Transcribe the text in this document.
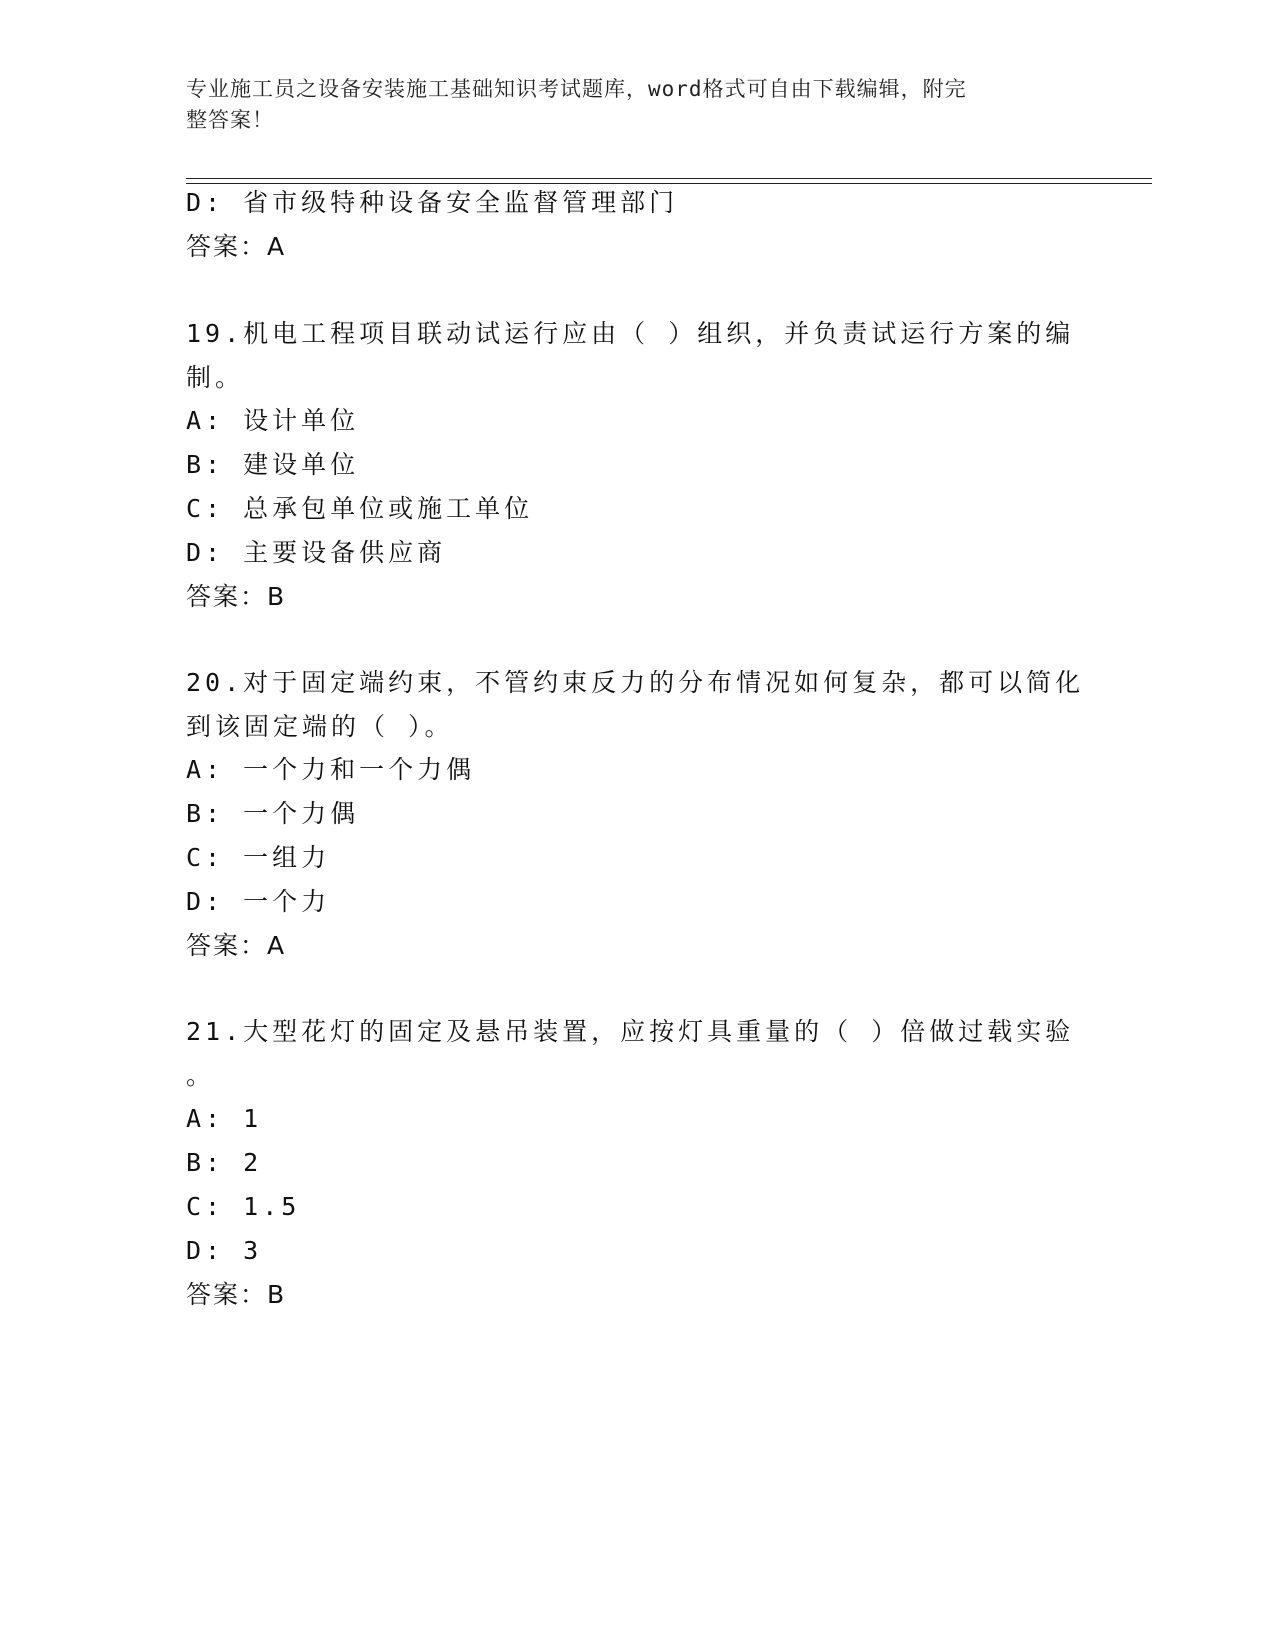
专业施工员之设备安装施工基础知识考试题库，word格式可自由下载编辑，附完
整答案！
D: 省市级特种设备安全监督管理部门
答案：A
19.机电工程项目联动试运行应由（ ）组织，并负责试运行方案的编
制。
A: 设计单位
B: 建设单位
C: 总承包单位或施工单位
D: 主要设备供应商
答案：B
20.对于固定端约束，不管约束反力的分布情况如何复杂，都可以简化
到该固定端的（ ）。
A: 一个力和一个力偶
B: 一个力偶
C: 一组力
D: 一个力
答案：A
21.大型花灯的固定及悬吊装置，应按灯具重量的（ ）倍做过载实验
。
A: 1
B: 2
C: 1.5
D: 3
答案：B
